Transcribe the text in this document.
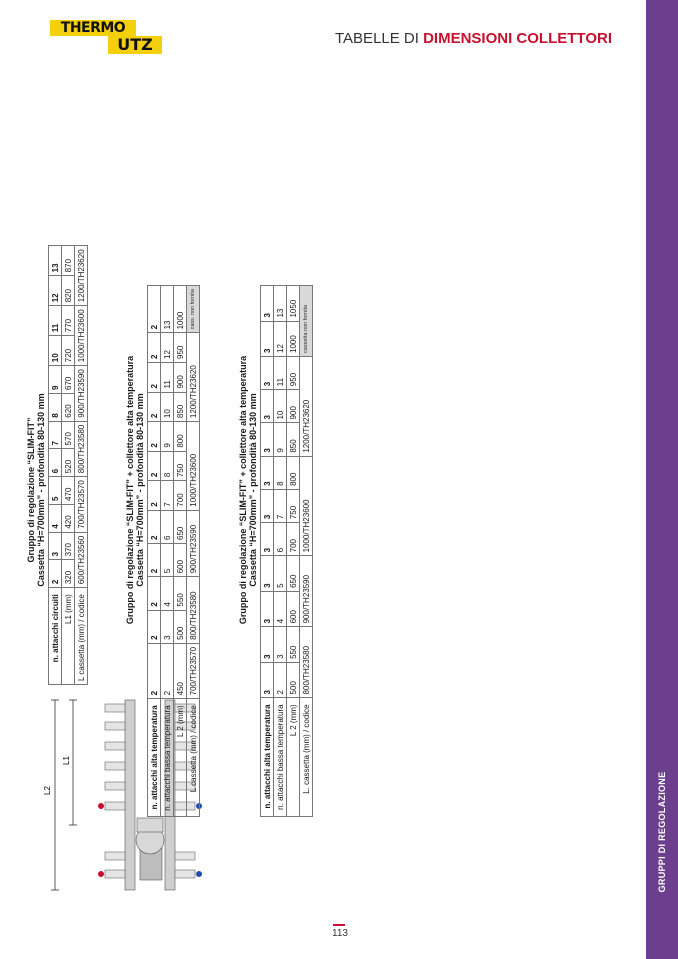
THERMO
UTZ	TABELLE DI DIMENSIONI COLLETTORI
GRUPPI DI REGOLAZIONE
113
L2
L1
Gruppo di regolazione “SLIM-FIT” Cassetta “H=700mm” - profondità 80-130 mm
n. attacchi circuiti	2	3	4	5	6	7	8	9	10	11	12	13
L1 (mm)	320	370	420	470	520	570	620	670	720	770	820	870
L cassetta (mm) / codice	600/TH23560		700/TH23570		800/TH23580		900/TH23590		1000/TH23600		1200/TH23620	
Gruppo di regolazione “SLIM-FIT” + collettore alta temperatura Cassetta “H=700mm” - profondità 80-130 mm
n. attacchi alta temperatura	2	2	2	2	2	2	2	2	2	2	2	2
n. attacchi bassa temperatura	2	3	4	5	6	7	8	9	10	11	12	13
L 2 (mm)	450	500	550	600	650	700	750	800	850	900	950	1000
L cassetta (mm) / codice	700/TH23570	800/TH23580		900/TH23590		1000/TH23600			1200/TH23620			cass. non fornita
Gruppo di regolazione “SLIM-FIT” + collettore alta temperatura Cassetta “H=700mm” - profondità 80-130 mm
n. attacchi alta temperatura	3	3	3	3	3	3	3	3	3	3	3	3
n. attacchi bassa temperatura	2	3	4	5	6	7	8	9	10	11	12	13
L 2 (mm)	500	550	600	650	700	750	800	850	900	950	1000	1050
L. cassetta (mm) / codice	800/TH23580		900/TH23590		1000/TH23600			1200/TH23620			cassetta non fornita	
